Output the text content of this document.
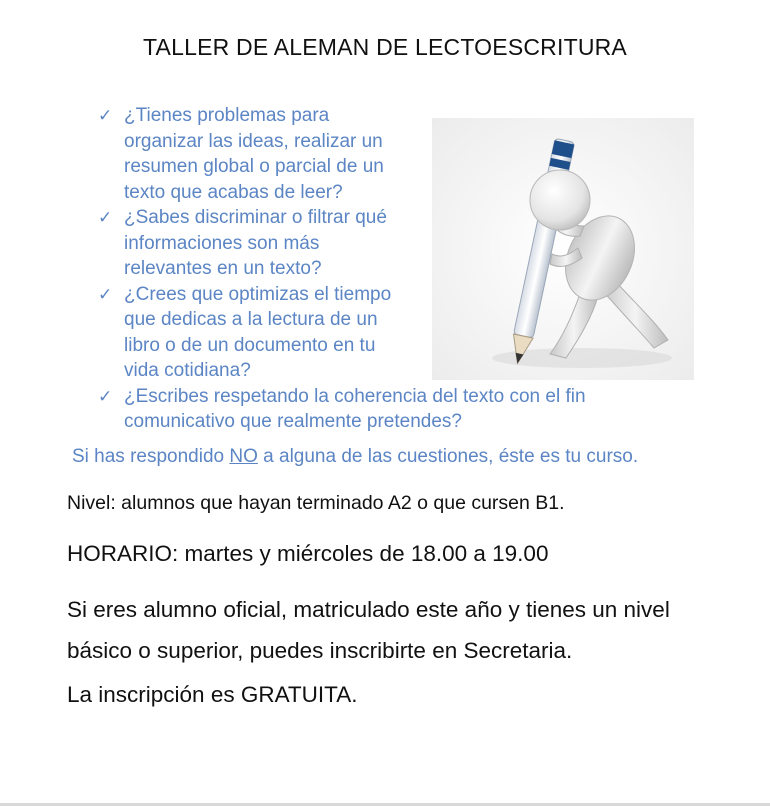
TALLER DE ALEMAN DE LECTOESCRITURA
✓ ¿Tienes problemas para organizar las ideas, realizar un resumen global o parcial de un texto que acabas de leer?
✓ ¿Sabes discriminar o filtrar qué informaciones son más relevantes en un texto?
✓ ¿Crees que optimizas el tiempo que dedicas a la lectura de un libro o de un documento en tu vida cotidiana?
✓ ¿Escribes respetando la coherencia del texto con el fin comunicativo que realmente pretendes?
Si has respondido NO a alguna de las cuestiones, éste es tu curso.
Nivel: alumnos que hayan terminado A2 o que cursen B1.
HORARIO: martes y miércoles de 18.00 a 19.00
Si eres alumno oficial, matriculado este año y tienes un nivel básico o superior, puedes inscribirte en Secretaria.
La inscripción es GRATUITA.
